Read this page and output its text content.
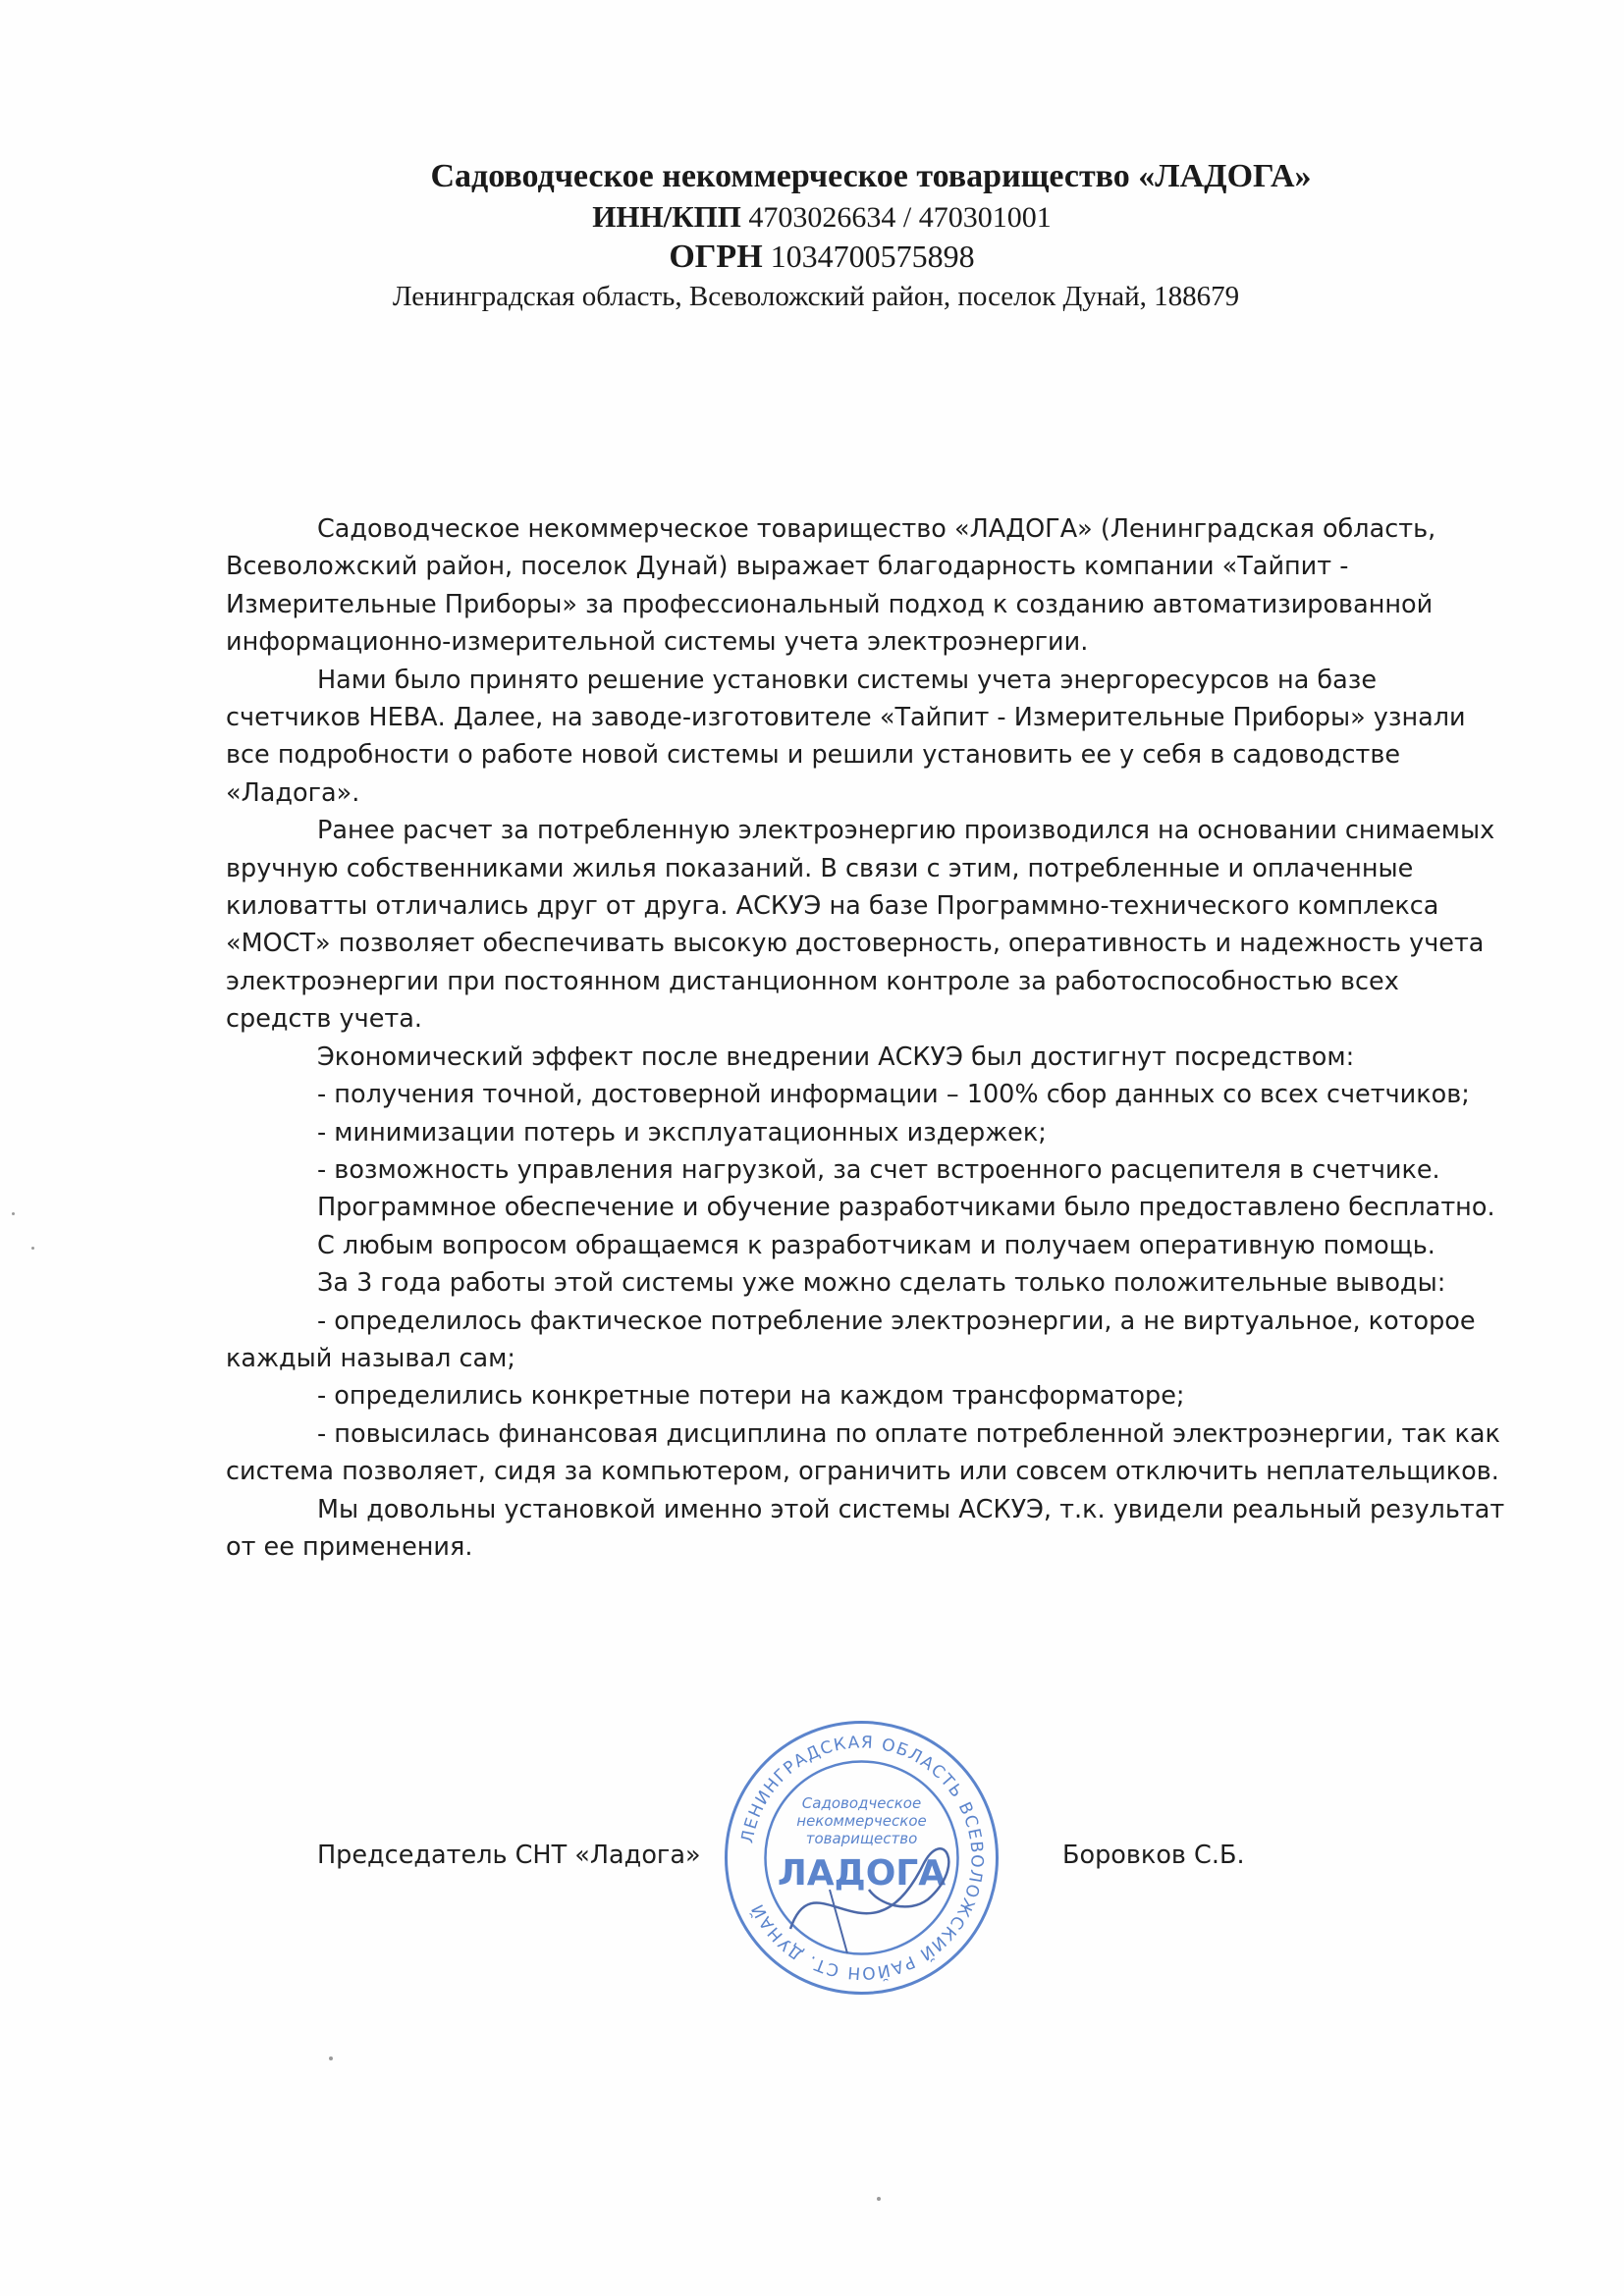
Садоводческое некоммерческое товарищество «ЛАДОГА»
ИНН/КПП 4703026634 / 470301001
ОГРН 1034700575898
Ленинградская область, Всеволожский район, поселок Дунай, 188679

Садоводческое некоммерческое товарищество «ЛАДОГА» (Ленинградская область, Всеволожский район, поселок Дунай) выражает благодарность компании «Тайпит - Измерительные Приборы» за профессиональный подход к созданию автоматизированной информационно-измерительной системы учета электроэнергии.

Нами было принято решение установки системы учета энергоресурсов на базе счетчиков НЕВА. Далее, на заводе-изготовителе «Тайпит - Измерительные Приборы» узнали все подробности о работе новой системы и решили установить ее у себя в садоводстве «Ладога».

Ранее расчет за потребленную электроэнергию производился на основании снимаемых вручную собственниками жилья показаний. В связи с этим, потребленные и оплаченные киловатты отличались друг от друга. АСКУЭ на базе Программно-технического комплекса «МОСТ» позволяет обеспечивать высокую достоверность, оперативность и надежность учета электроэнергии при постоянном дистанционном контроле за работоспособностью всех средств учета.

Экономический эффект после внедрении АСКУЭ был достигнут посредством:

- получения точной, достоверной информации – 100% сбор данных со всех счетчиков;

- минимизации потерь и эксплуатационных издержек;

- возможность управления нагрузкой, за счет встроенного расцепителя в счетчике.

Программное обеспечение и обучение разработчиками было предоставлено бесплатно.

С любым вопросом обращаемся к разработчикам и получаем оперативную помощь.

За 3 года работы этой системы уже можно сделать только положительные выводы:

- определилось фактическое потребление электроэнергии, а не виртуальное, которое каждый называл сам;

- определились конкретные потери на каждом трансформаторе;

- повысилась финансовая дисциплина по оплате потребленной электроэнергии, так как система позволяет, сидя за компьютером, ограничить или совсем отключить неплательщиков.

Мы довольны установкой именно этой системы АСКУЭ, т.к. увидели реальный результат от ее применения.

Председатель СНТ «Ладога»	Боровков С.Б.
ЛЕНИНГРАДСКАЯ ОБЛАСТЬ ВСЕВОЛОЖСКИЙ РАЙОН СТ. ДУНАЙ
Садоводческое
некоммерческое
товарищество
ЛАДОГА
